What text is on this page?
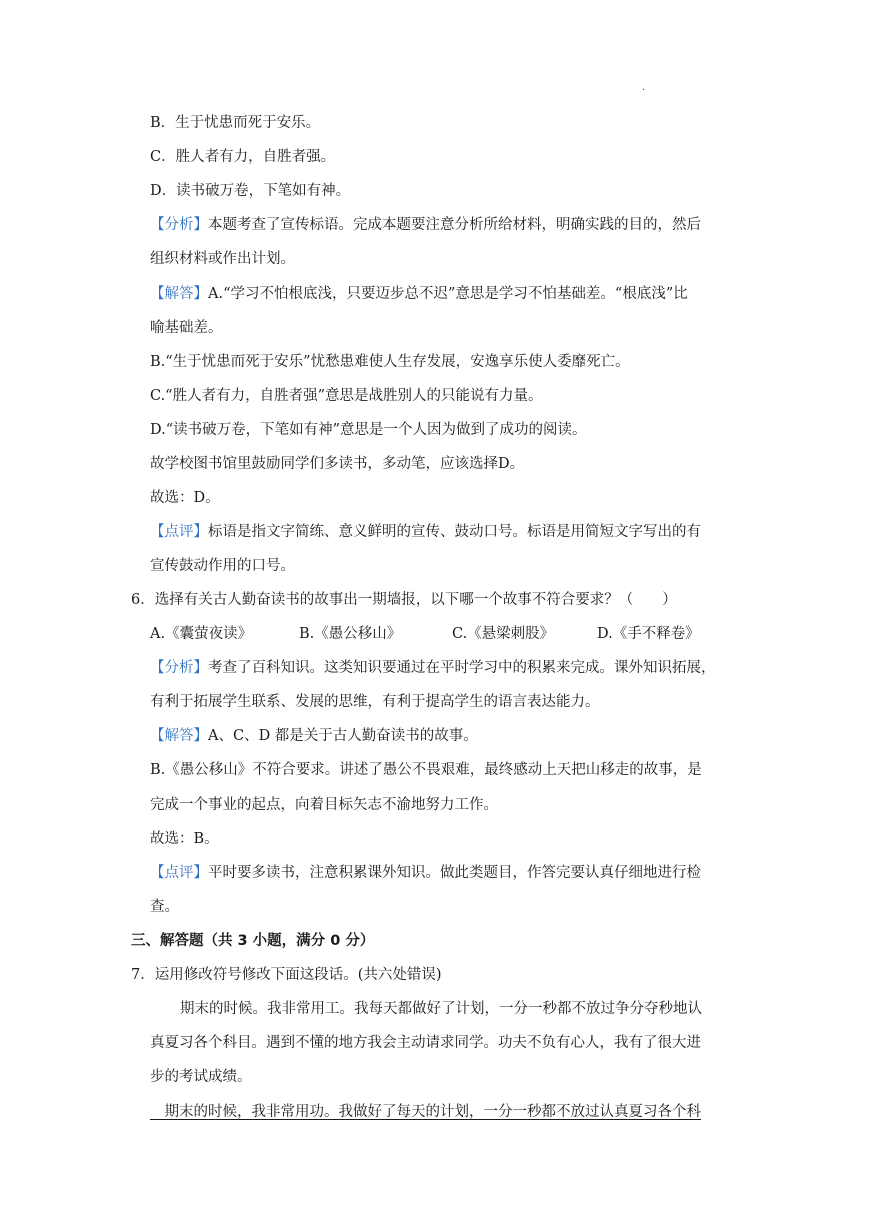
.
B．生于忧患而死于安乐。
C．胜人者有力，自胜者强。
D．读书破万卷，下笔如有神。
【分析】本题考查了宣传标语。完成本题要注意分析所给材料，明确实践的目的，然后
组织材料或作出计划。
【解答】A.“学习不怕根底浅，只要迈步总不迟”意思是学习不怕基础差。“根底浅”比
喻基础差。
B.“生于忧患而死于安乐”忧愁患难使人生存发展，安逸享乐使人委靡死亡。
C.“胜人者有力，自胜者强”意思是战胜别人的只能说有力量。
D.“读书破万卷，下笔如有神”意思是一个人因为做到了成功的阅读。
故学校图书馆里鼓励同学们多读书，多动笔，应该选择D。
故选：D。
【点评】标语是指文字简练、意义鲜明的宣传、鼓动口号。标语是用简短文字写出的有
宣传鼓动作用的口号。
6．选择有关古人勤奋读书的故事出一期墙报，以下哪一个故事不符合要求？（　　）
A.《囊萤夜读》	B.《愚公移山》	C.《悬梁刺股》	D.《手不释卷》
【分析】考查了百科知识。这类知识要通过在平时学习中的积累来完成。课外知识拓展，
有利于拓展学生联系、发展的思维，有利于提高学生的语言表达能力。
【解答】A、C、D 都是关于古人勤奋读书的故事。
B.《愚公移山》不符合要求。讲述了愚公不畏艰难，最终感动上天把山移走的故事，是
完成一个事业的起点，向着目标矢志不渝地努力工作。
故选：B。
【点评】平时要多读书，注意积累课外知识。做此类题目，作答完要认真仔细地进行检
查。
三、解答题（共 3 小题，满分 0 分）
7．运用修改符号修改下面这段话。(共六处错误)
期末的时候。我非常用工。我每天都做好了计划，一分一秒都不放过争分夺秒地认
真夏习各个科目。遇到不懂的地方我会主动请求同学。功夫不负有心人，我有了很大进
步的考试成绩。
　期末的时候，我非常用功。我做好了每天的计划，一分一秒都不放过认真夏习各个科
